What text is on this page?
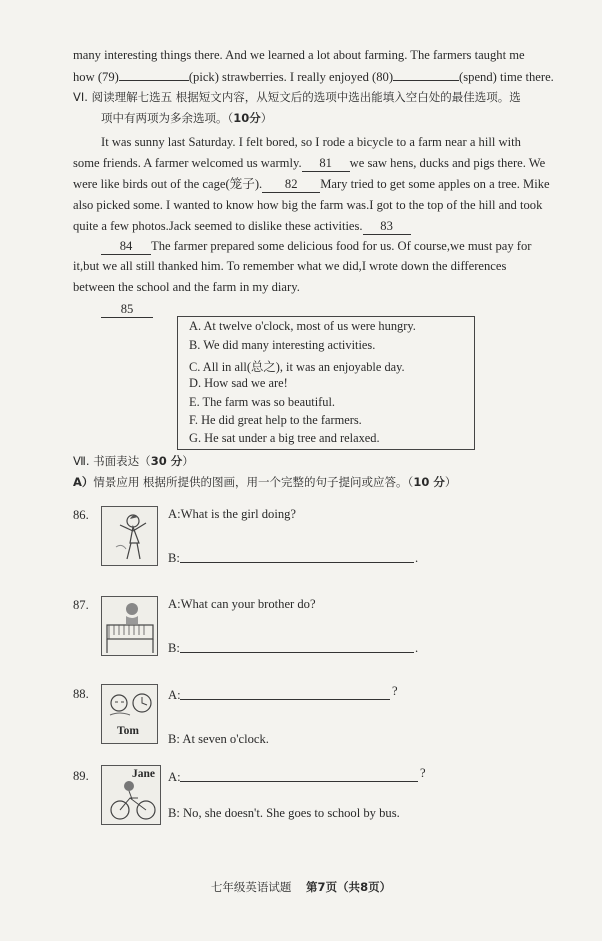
many interesting things there. And we learned a lot about farming. The farmers taught me
how (79)	(pick) strawberries. I really enjoyed (80)	(spend) time there.
VI. 阅读理解七选五 根据短文内容，从短文后的选项中选出能填入空白处的最佳选项。选
项中有两项为多余选项。（10分）
It was sunny last Saturday. I felt bored, so I rode a bicycle to a farm near a hill with
some friends. A farmer welcomed us warmly. 81 we saw hens, ducks and pigs there. We
were like birds out of the cage(笼子). 82 Mary tried to get some apples on a tree. Mike
also picked some. I wanted to know how big the farm was.I got to the top of the hill and took
quite a few photos.Jack seemed to dislike these activities. 83
84 The farmer prepared some delicious food for us. Of course,we must pay for
it,but we all still thanked him. To remember what we did,I wrote down the differences
between the school and the farm in my diary.
85
A. At twelve o'clock, most of us were hungry.
B. We did many interesting activities.
C. All in all(总之), it was an enjoyable day.
D. How sad we are!
E. The farm was so beautiful.
F. He did great help to the farmers.
G. He sat under a big tree and relaxed.
Ⅶ. 书面表达（30 分）
A）情景应用 根据所提供的图画，用一个完整的句子提问或应答。（10 分）
86.	A:What is the girl doing?
B:	.
87.	A:What can your brother do?
B:	.
88.
Tom
A:	?
B: At seven o'clock.
89.	Jane A:	?
B: No, she doesn't. She goes to school by bus.
七年级英语试题 第7页（共8页）
